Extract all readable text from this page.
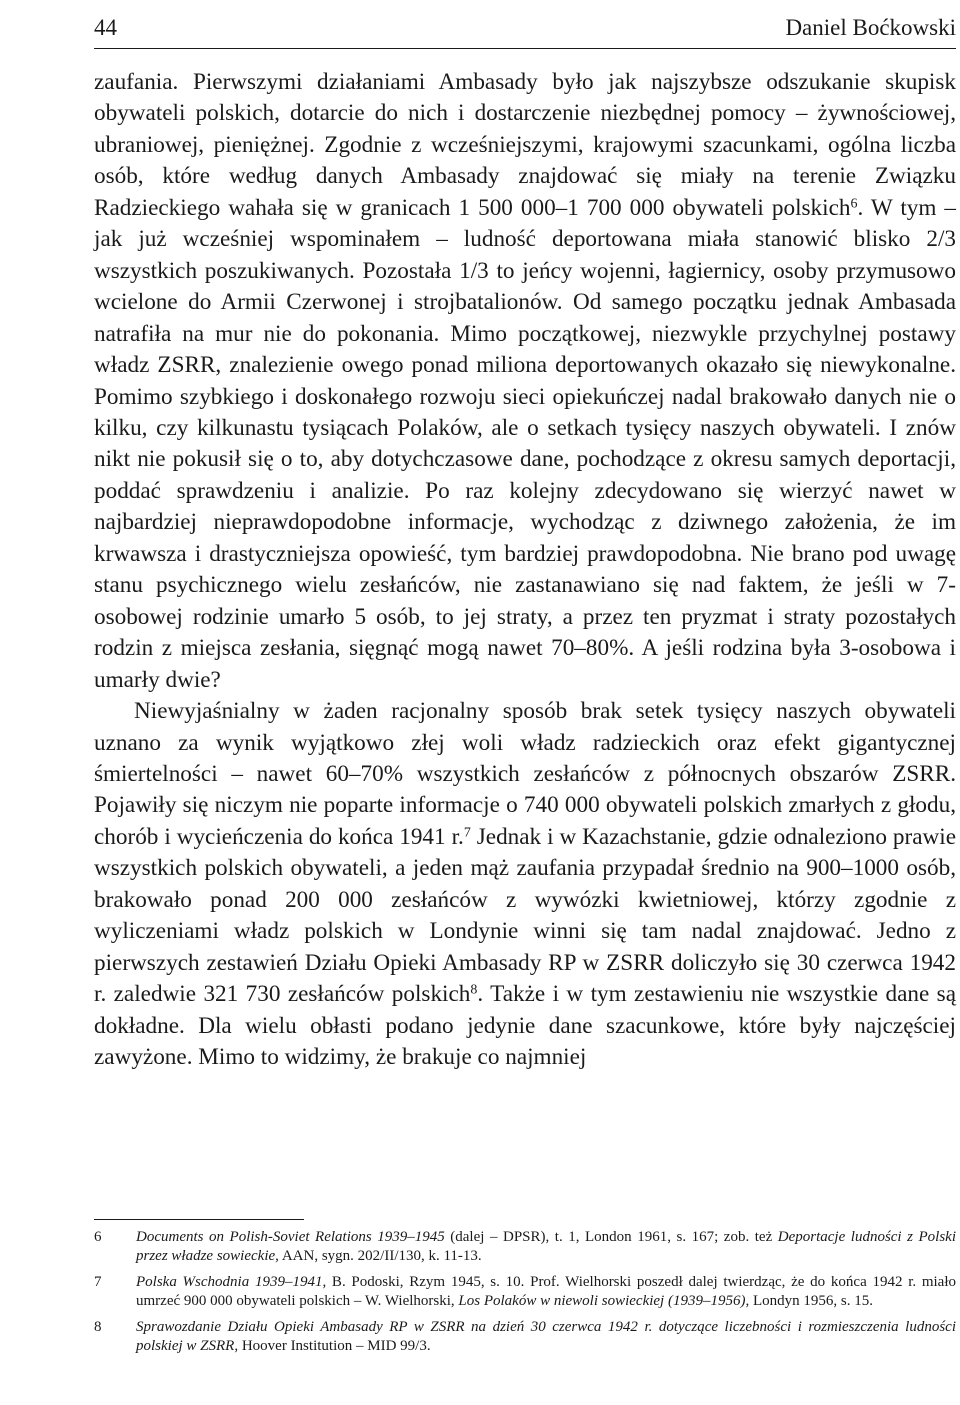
44	Daniel Boćkowski

zaufania. Pierwszymi działaniami Ambasady było jak najszybsze odszukanie skupisk obywateli polskich, dotarcie do nich i dostarczenie niezbędnej pomocy – żywnościowej, ubraniowej, pieniężnej. Zgodnie z wcześniejszymi, krajowymi szacunkami, ogólna liczba osób, które według danych Ambasady znajdować się miały na terenie Związku Radzieckiego wahała się w granicach 1 500 000–1 700 000 obywateli polskich$^6$. W tym – jak już wcześniej wspominałem – ludność deportowana miała stanowić blisko 2/3 wszystkich poszukiwanych. Pozostała 1/3 to jeńcy wojenni, łagiernicy, osoby przymusowo wcielone do Armii Czerwonej i strojbatalionów. Od samego początku jednak Ambasada natrafiła na mur nie do pokonania. Mimo początkowej, niezwykle przychylnej postawy władz ZSRR, znalezienie owego ponad miliona deportowanych okazało się niewykonalne. Pomimo szybkiego i doskonałego rozwoju sieci opiekuńczej nadal brakowało danych nie o kilku, czy kilkunastu tysiącach Polaków, ale o setkach tysięcy naszych obywateli. I znów nikt nie pokusił się o to, aby dotychczasowe dane, pochodzące z okresu samych deportacji, poddać sprawdzeniu i analizie. Po raz kolejny zdecydowano się wierzyć nawet w najbardziej nieprawdopodobne informacje, wychodząc z dziwnego założenia, że im krwawsza i drastyczniejsza opowieść, tym bardziej prawdopodobna. Nie brano pod uwagę stanu psychicznego wielu zesłańców, nie zastanawiano się nad faktem, że jeśli w 7-osobowej rodzinie umarło 5 osób, to jej straty, a przez ten pryzmat i straty pozostałych rodzin z miejsca zesłania, sięgnąć mogą nawet 70–80%. A jeśli rodzina była 3-osobowa i umarły dwie?

Niewyjaśnialny w żaden racjonalny sposób brak setek tysięcy naszych obywateli uznano za wynik wyjątkowo złej woli władz radzieckich oraz efekt gigantycznej śmiertelności – nawet 60–70% wszystkich zesłańców z północnych obszarów ZSRR. Pojawiły się niczym nie poparte informacje o 740 000 obywateli polskich zmarłych z głodu, chorób i wycieńczenia do końca 1941 r.$^7$ Jednak i w Kazachstanie, gdzie odnaleziono prawie wszystkich polskich obywateli, a jeden mąż zaufania przypadał średnio na 900–1000 osób, brakowało ponad 200 000 zesłańców z wywózki kwietniowej, którzy zgodnie z wyliczeniami władz polskich w Londynie winni się tam nadal znajdować. Jedno z pierwszych zestawień Działu Opieki Ambasady RP w ZSRR doliczyło się 30 czerwca 1942 r. zaledwie 321 730 zesłańców polskich$^8$. Także i w tym zestawieniu nie wszystkie dane są dokładne. Dla wielu obłasti podano jedynie dane szacunkowe, które były najczęściej zawyżone. Mimo to widzimy, że brakuje co najmniej

6 Documents on Polish-Soviet Relations 1939–1945 (dalej – DPSR), t. 1, London 1961, s. 167; zob. też Deportacje ludności z Polski przez władze sowieckie, AAN, sygn. 202/II/130, k. 11-13.
7 Polska Wschodnia 1939–1941, B. Podoski, Rzym 1945, s. 10. Prof. Wielhorski poszedł dalej twierdząc, że do końca 1942 r. miało umrzeć 900 000 obywateli polskich – W. Wielhorski, Los Polaków w niewoli sowieckiej (1939–1956), Londyn 1956, s. 15.
8 Sprawozdanie Działu Opieki Ambasady RP w ZSRR na dzień 30 czerwca 1942 r. dotyczące liczebności i rozmieszczenia ludności polskiej w ZSRR, Hoover Institution – MID 99/3.
